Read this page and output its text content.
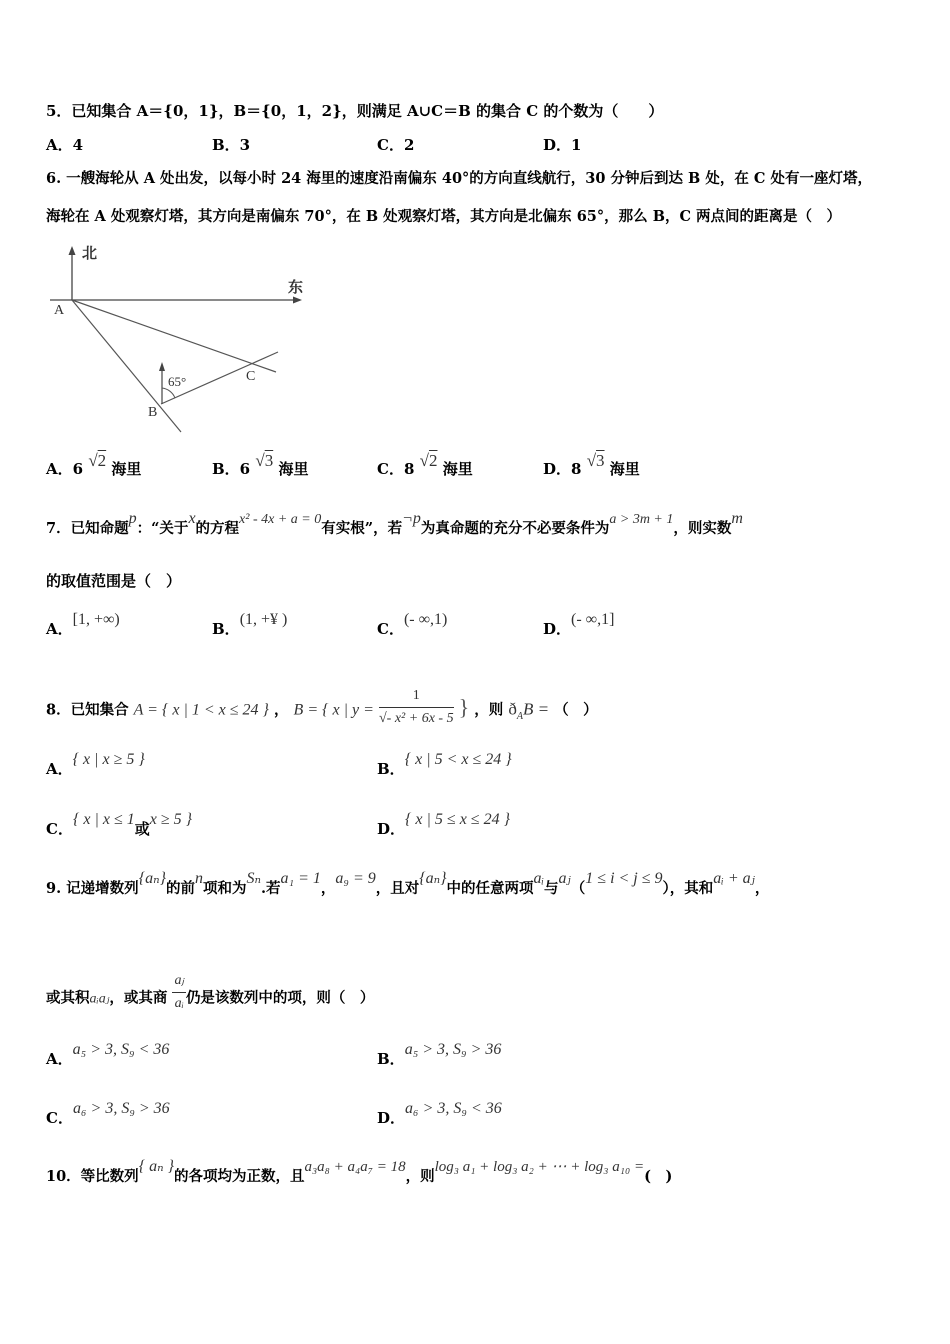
5．已知集合 A＝{0，1}，B＝{0，1，2}，则满足 A∪C＝B 的集合 C 的个数为（　　）
A．4	B．3	C．2	D．1
6. 一艘海轮从 A 处出发，以每小时 24 海里的速度沿南偏东 40°的方向直线航行，30 分钟后到达 B 处，在 C 处有一座灯塔，
海轮在 A 处观察灯塔，其方向是南偏东 70°，在 B 处观察灯塔，其方向是北偏东 65°，那么 B，C 两点间的距离是（　）
北
东
A
B
C
65°
A．6 √2 海里	B．6 √3 海里	C．8 √2 海里	D．8 √3 海里
7．已知命题p：“关于x的方程x² - 4x + a = 0有实根”，若¬p为真命题的充分不必要条件为a > 3m + 1，则实数m
的取值范围是（　）
A．[1, +∞)
B．(1, +¥ )
C．(- ∞,1)
D．(- ∞,1]
8．已知集合 A = { x | 1 < x ≤ 24 } ， B = { x | $y = \frac{1}{\text{√- x² + 6x - 5}}$ } ，则 $ð_AB$ = （　）
A．{ x | x ≥ 5 }
B．{ x | 5 < x ≤ 24 }
C．{ x | x ≤ 1或x ≥ 5 }
D．{ x | 5 ≤ x ≤ 24 }
9. 记递增数列{aₙ}的前n项和为Sₙ.若a₁ = 1，a₉ = 9，且对{aₙ}中的任意两项aᵢ与aⱼ（1 ≤ i < j ≤ 9），其和aᵢ + aⱼ，
或其积aᵢaⱼ，或其商 $\frac{\text{aⱼ}}{\text{aᵢ}}$ 仍是该数列中的项，则（　）
A．a₅ > 3, S₉ < 36
B．a₅ > 3, S₉ > 36
C．a₆ > 3, S₉ > 36
D．a₆ > 3, S₉ < 36
10．等比数列{ aₙ }的各项均为正数，且a₃a₈ + a₄a₇ = 18，则log₃ a₁ + log₃ a₂ + ⋯ + log₃ a₁₀ =(　)
